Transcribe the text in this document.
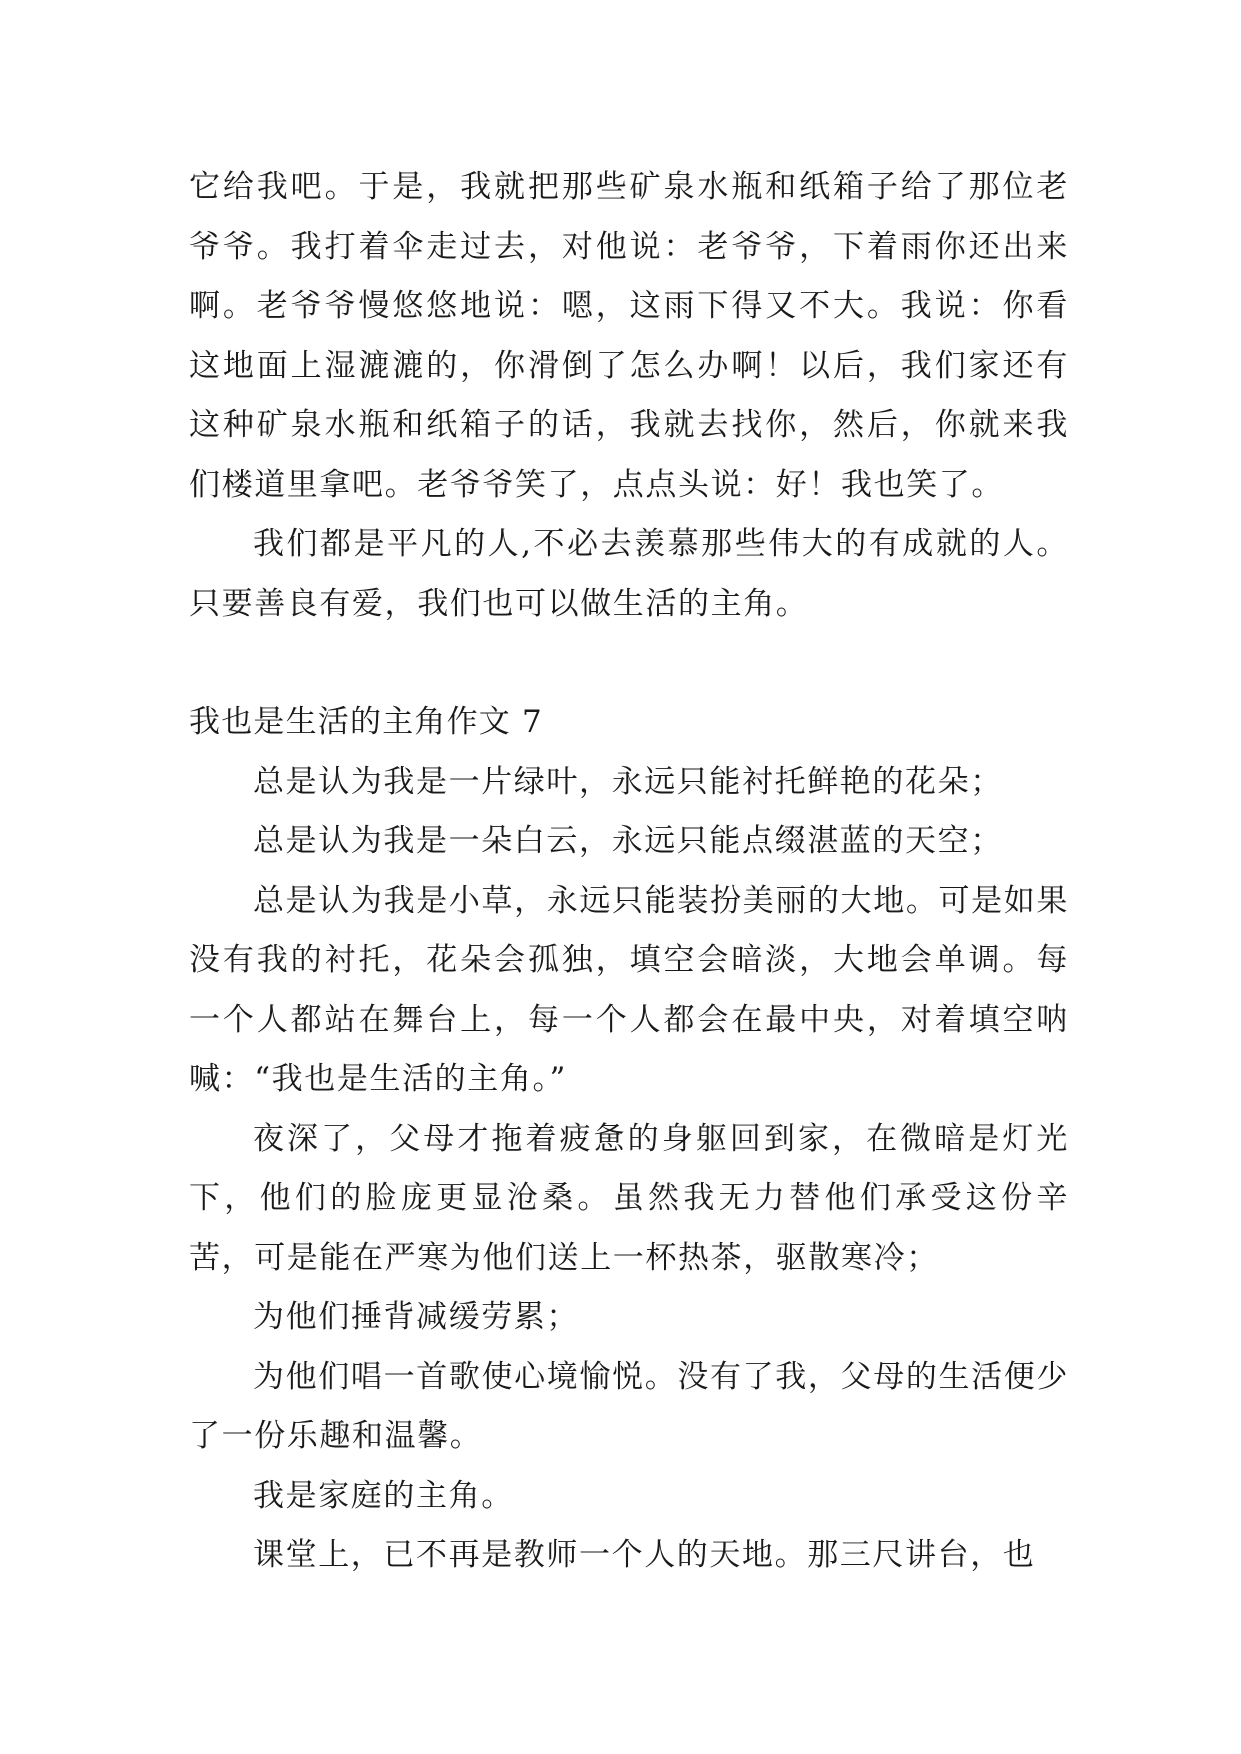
它给我吧。于是，我就把那些矿泉水瓶和纸箱子给了那位老爷爷。我打着伞走过去，对他说：老爷爷，下着雨你还出来啊。老爷爷慢悠悠地说：嗯，这雨下得又不大。我说：你看这地面上湿漉漉的，你滑倒了怎么办啊！以后，我们家还有这种矿泉水瓶和纸箱子的话，我就去找你，然后，你就来我们楼道里拿吧。老爷爷笑了，点点头说：好！我也笑了。

我们都是平凡的人,不必去羡慕那些伟大的有成就的人。只要善良有爱，我们也可以做生活的主角。

我也是生活的主角作文 7

总是认为我是一片绿叶，永远只能衬托鲜艳的花朵；

总是认为我是一朵白云，永远只能点缀湛蓝的天空；

总是认为我是小草，永远只能装扮美丽的大地。可是如果没有我的衬托，花朵会孤独，填空会暗淡，大地会单调。每一个人都站在舞台上，每一个人都会在最中央，对着填空呐喊：“我也是生活的主角。”

夜深了，父母才拖着疲惫的身躯回到家，在微暗是灯光下，他们的脸庞更显沧桑。虽然我无力替他们承受这份辛苦，可是能在严寒为他们送上一杯热茶，驱散寒冷；

为他们捶背减缓劳累；

为他们唱一首歌使心境愉悦。没有了我，父母的生活便少了一份乐趣和温馨。

我是家庭的主角。

课堂上，已不再是教师一个人的天地。那三尺讲台，也
